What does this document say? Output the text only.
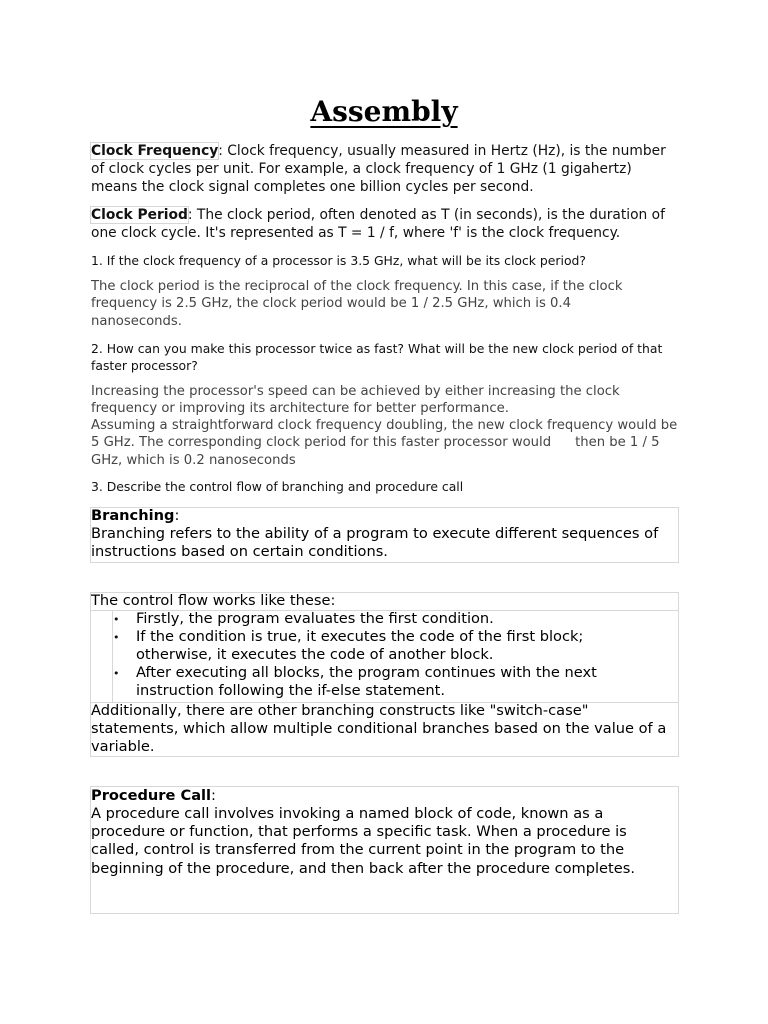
Assembly
Clock Frequency: Clock frequency, usually measured in Hertz (Hz), is the number of clock cycles per unit. For example, a clock frequency of 1 GHz (1 gigahertz) means the clock signal completes one billion cycles per second.
Clock Period: The clock period, often denoted as T (in seconds), is the duration of one clock cycle. It's represented as T = 1 / f, where 'f' is the clock frequency.
1. If the clock frequency of a processor is 3.5 GHz, what will be its clock period?
The clock period is the reciprocal of the clock frequency. In this case, if the clock frequency is 2.5 GHz, the clock period would be 1 / 2.5 GHz, which is 0.4 nanoseconds.
2. How can you make this processor twice as fast? What will be the new clock period of that faster processor?
Increasing the processor's speed can be achieved by either increasing the clock frequency or improving its architecture for better performance.
Assuming a straightforward clock frequency doubling, the new clock frequency would be 5 GHz. The corresponding clock period for this faster processor would then be 1 / 5 GHz, which is 0.2 nanoseconds
3. Describe the control flow of branching and procedure call
Branching:
Branching refers to the ability of a program to execute different sequences of instructions based on certain conditions.
The control flow works like these:
• Firstly, the program evaluates the first condition.
• If the condition is true, it executes the code of the first block; otherwise, it executes the code of another block.
• After executing all blocks, the program continues with the next instruction following the if-else statement.
Additionally, there are other branching constructs like "switch-case" statements, which allow multiple conditional branches based on the value of a variable.
Procedure Call:
A procedure call involves invoking a named block of code, known as a procedure or function, that performs a specific task. When a procedure is called, control is transferred from the current point in the program to the beginning of the procedure, and then back after the procedure completes.
